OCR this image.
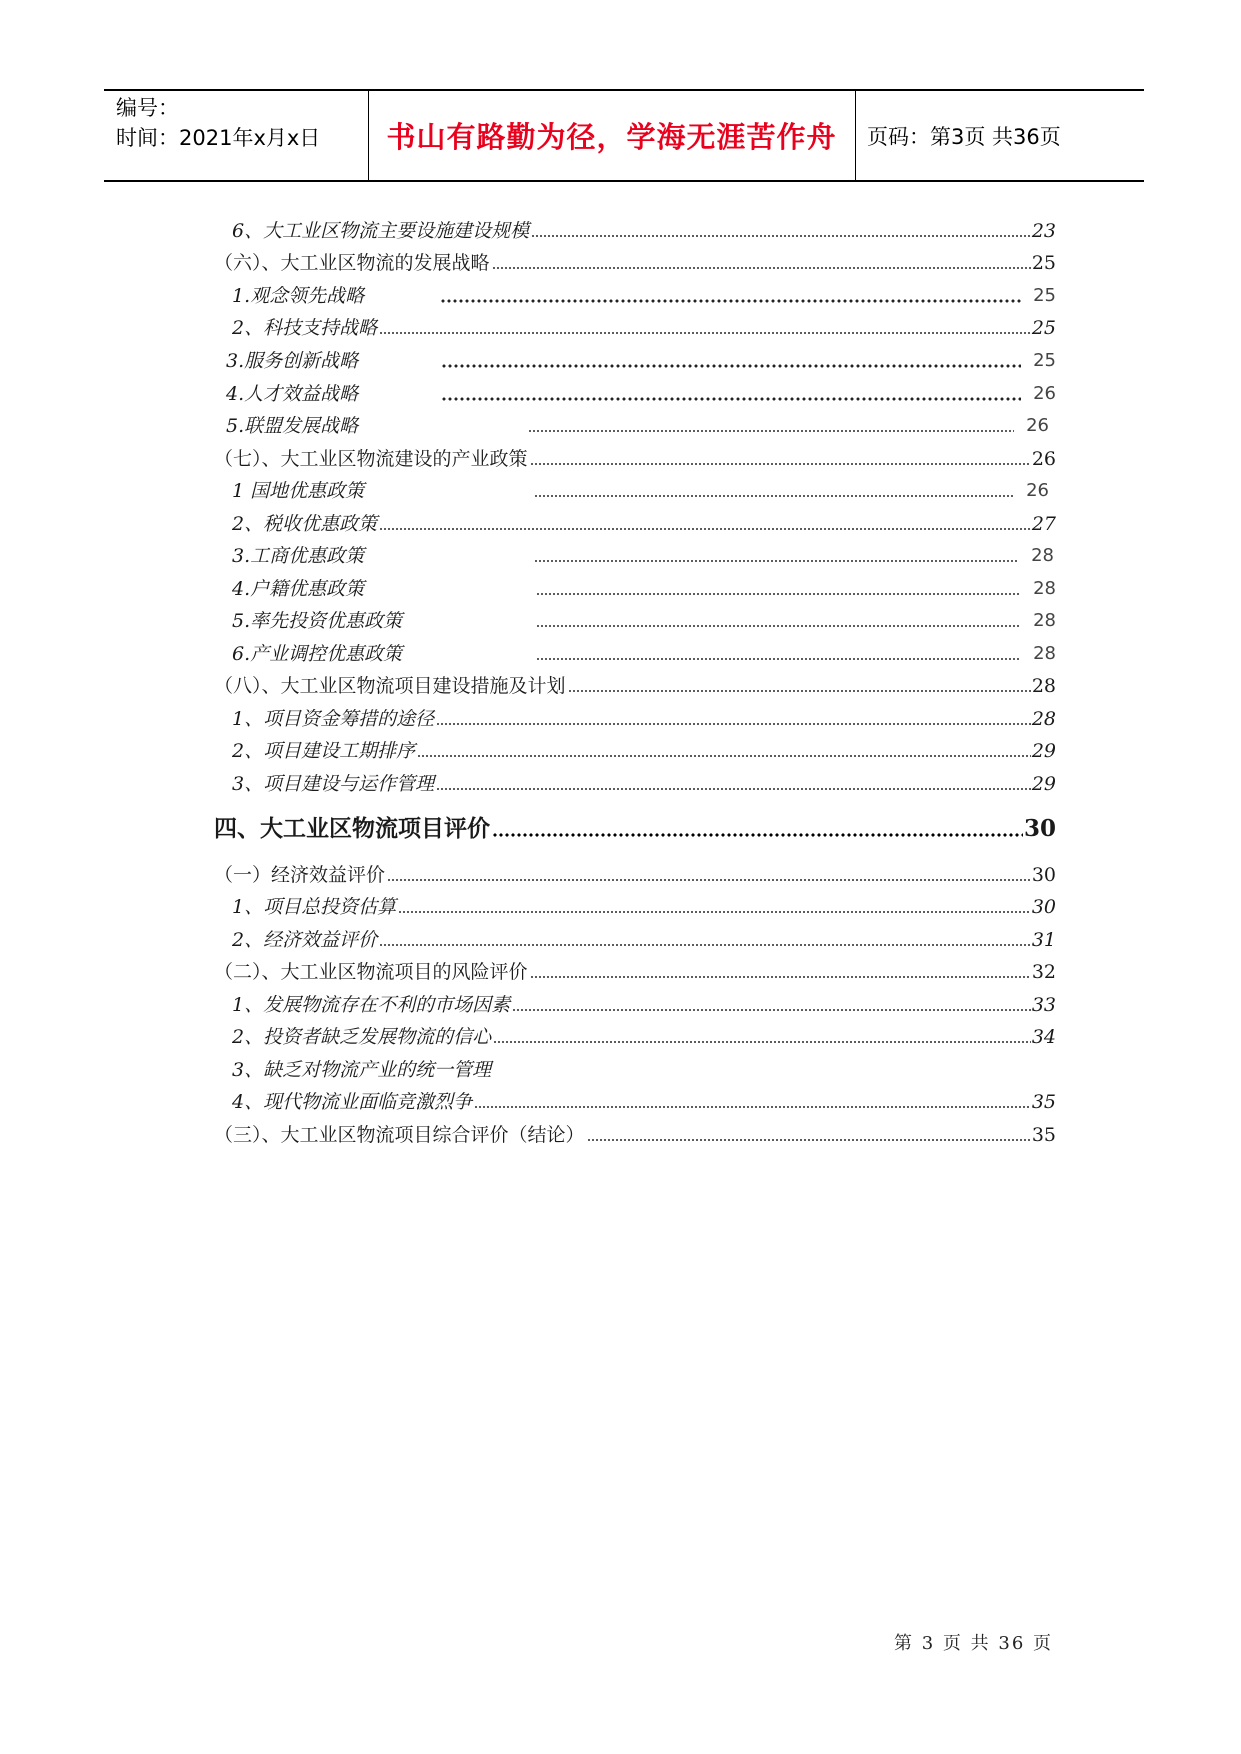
编号：
时间：2021年x月x日	书山有路勤为径，学海无涯苦作舟	页码：第3页 共36页
6、大工业区物流主要设施建设规模	23
（六）、大工业区物流的发展战略	25
1.观念领先战略	25
2、科技支持战略	25
3.服务创新战略	25
4.人才效益战略	26
5.联盟发展战略	26
（七）、大工业区物流建设的产业政策	26
1 国地优惠政策	26
2、税收优惠政策	27
3.工商优惠政策	28
4.户籍优惠政策	28
5.率先投资优惠政策	28
6.产业调控优惠政策	28
（八）、大工业区物流项目建设措施及计划	28
1、项目资金筹措的途径	28
2、项目建设工期排序	29
3、项目建设与运作管理	29
四、大工业区物流项目评价	30
（一）经济效益评价	30
1、项目总投资估算	30
2、经济效益评价	31
（二）、大工业区物流项目的风险评价	32
1、发展物流存在不利的市场因素	33
2、投资者缺乏发展物流的信心	34
3、缺乏对物流产业的统一管理
4、现代物流业面临竞激烈争	35
（三）、大工业区物流项目综合评价（结论）	35
第 3 页 共 36 页
